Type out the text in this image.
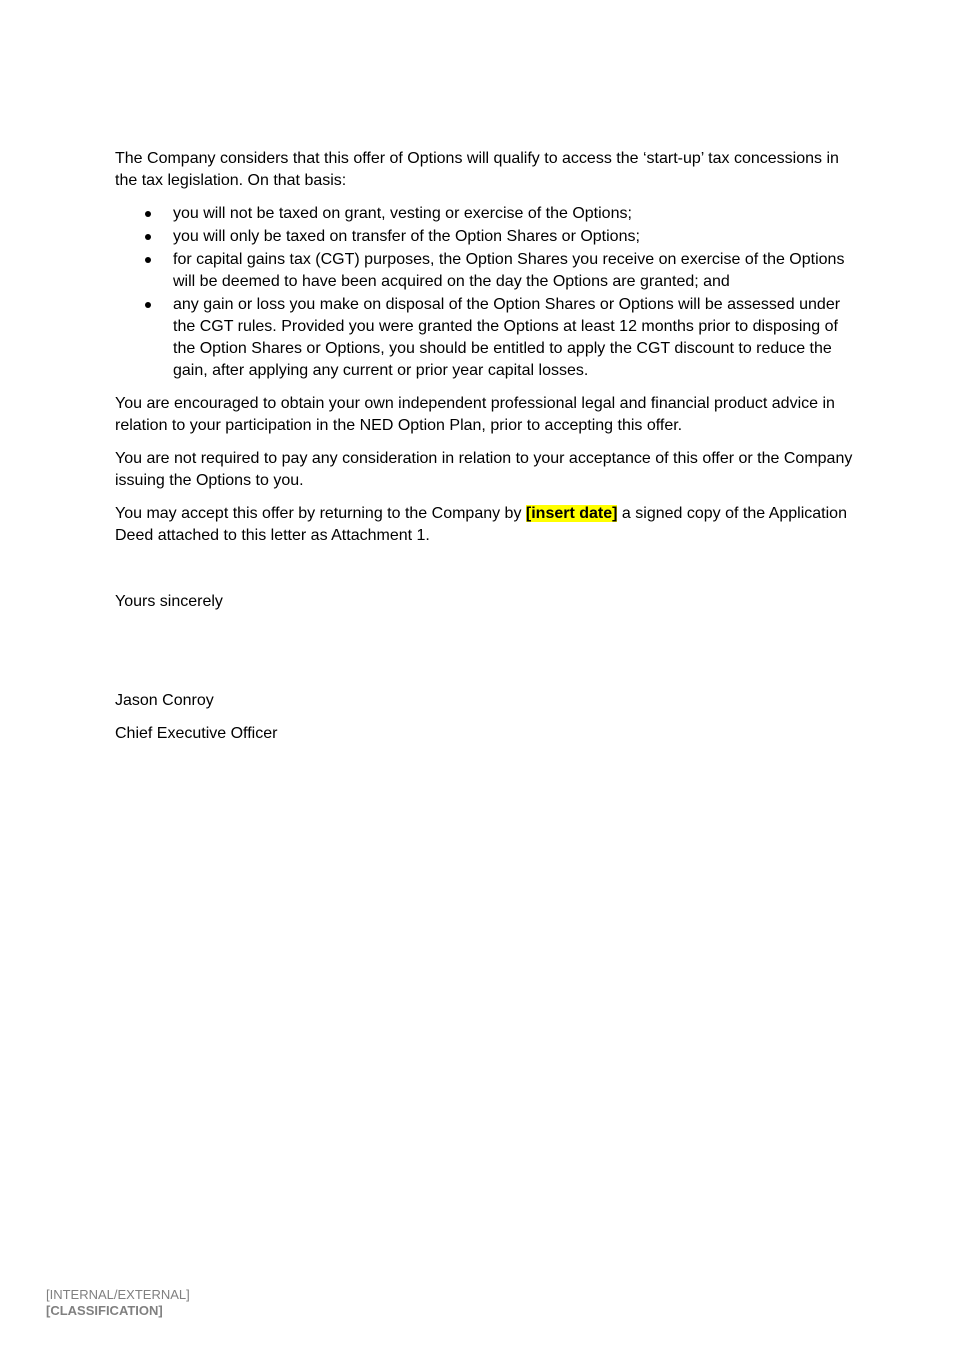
The Company considers that this offer of Options will qualify to access the ‘start-up’ tax concessions in the tax legislation. On that basis:

you will not be taxed on grant, vesting or exercise of the Options;
you will only be taxed on transfer of the Option Shares or Options;
for capital gains tax (CGT) purposes, the Option Shares you receive on exercise of the Options will be deemed to have been acquired on the day the Options are granted; and
any gain or loss you make on disposal of the Option Shares or Options will be assessed under the CGT rules. Provided you were granted the Options at least 12 months prior to disposing of the Option Shares or Options, you should be entitled to apply the CGT discount to reduce the gain, after applying any current or prior year capital losses.

You are encouraged to obtain your own independent professional legal and financial product advice in relation to your participation in the NED Option Plan, prior to accepting this offer.

You are not required to pay any consideration in relation to your acceptance of this offer or the Company issuing the Options to you.

You may accept this offer by returning to the Company by [insert date] a signed copy of the Application Deed attached to this letter as Attachment 1.

Yours sincerely

Jason Conroy

Chief Executive Officer

[INTERNAL/EXTERNAL]
[CLASSIFICATION]
